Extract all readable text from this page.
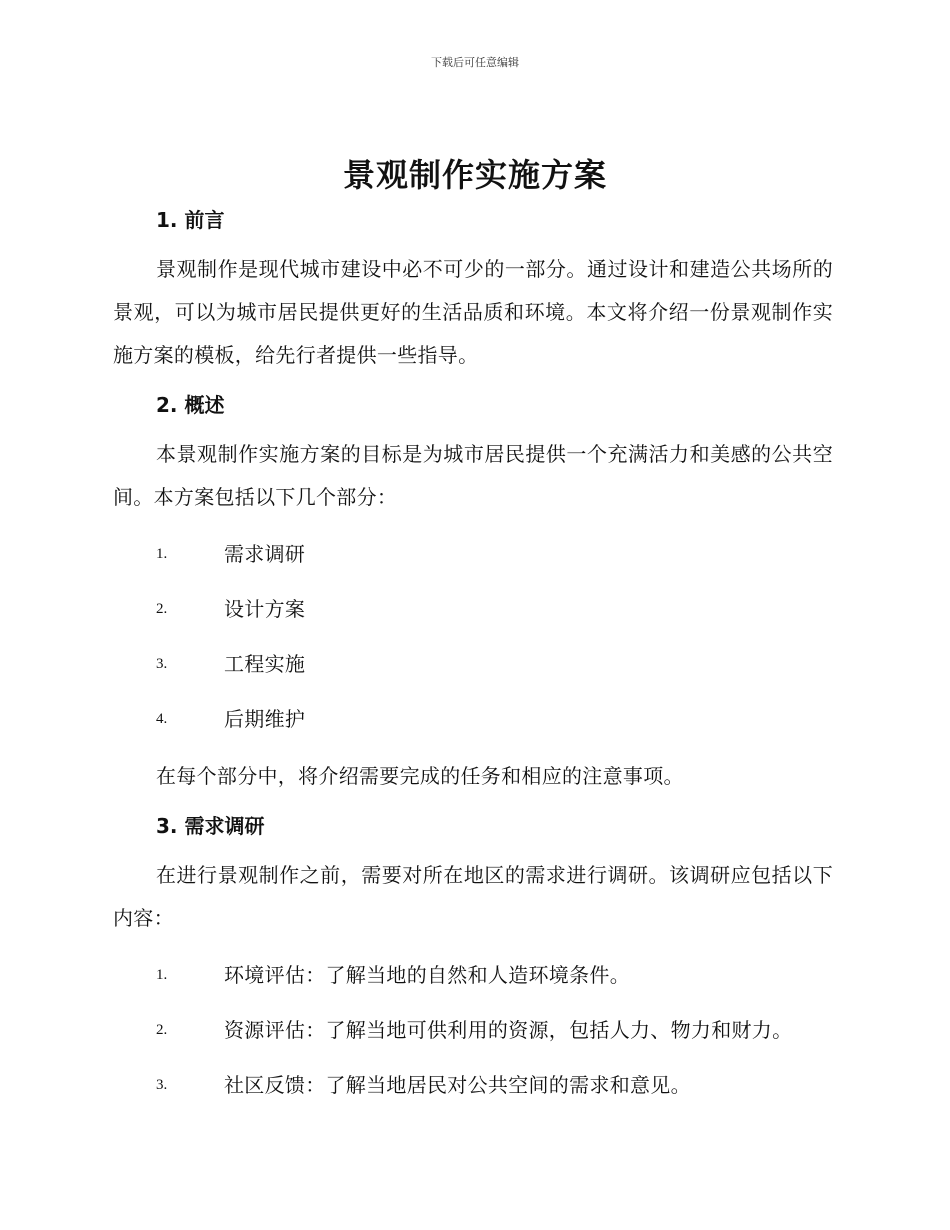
下载后可任意编辑
景观制作实施方案
1. 前言

景观制作是现代城市建设中必不可少的一部分。通过设计和建造公共场所的景观，可以为城市居民提供更好的生活品质和环境。本文将介绍一份景观制作实施方案的模板，给先行者提供一些指导。

2. 概述

本景观制作实施方案的目标是为城市居民提供一个充满活力和美感的公共空间。本方案包括以下几个部分：

1.	需求调研
2.	设计方案
3.	工程实施
4.	后期维护

在每个部分中，将介绍需要完成的任务和相应的注意事项。

3. 需求调研

在进行景观制作之前，需要对所在地区的需求进行调研。该调研应包括以下内容：

1.	环境评估：了解当地的自然和人造环境条件。
2.	资源评估：了解当地可供利用的资源，包括人力、物力和财力。
3.	社区反馈：了解当地居民对公共空间的需求和意见。
